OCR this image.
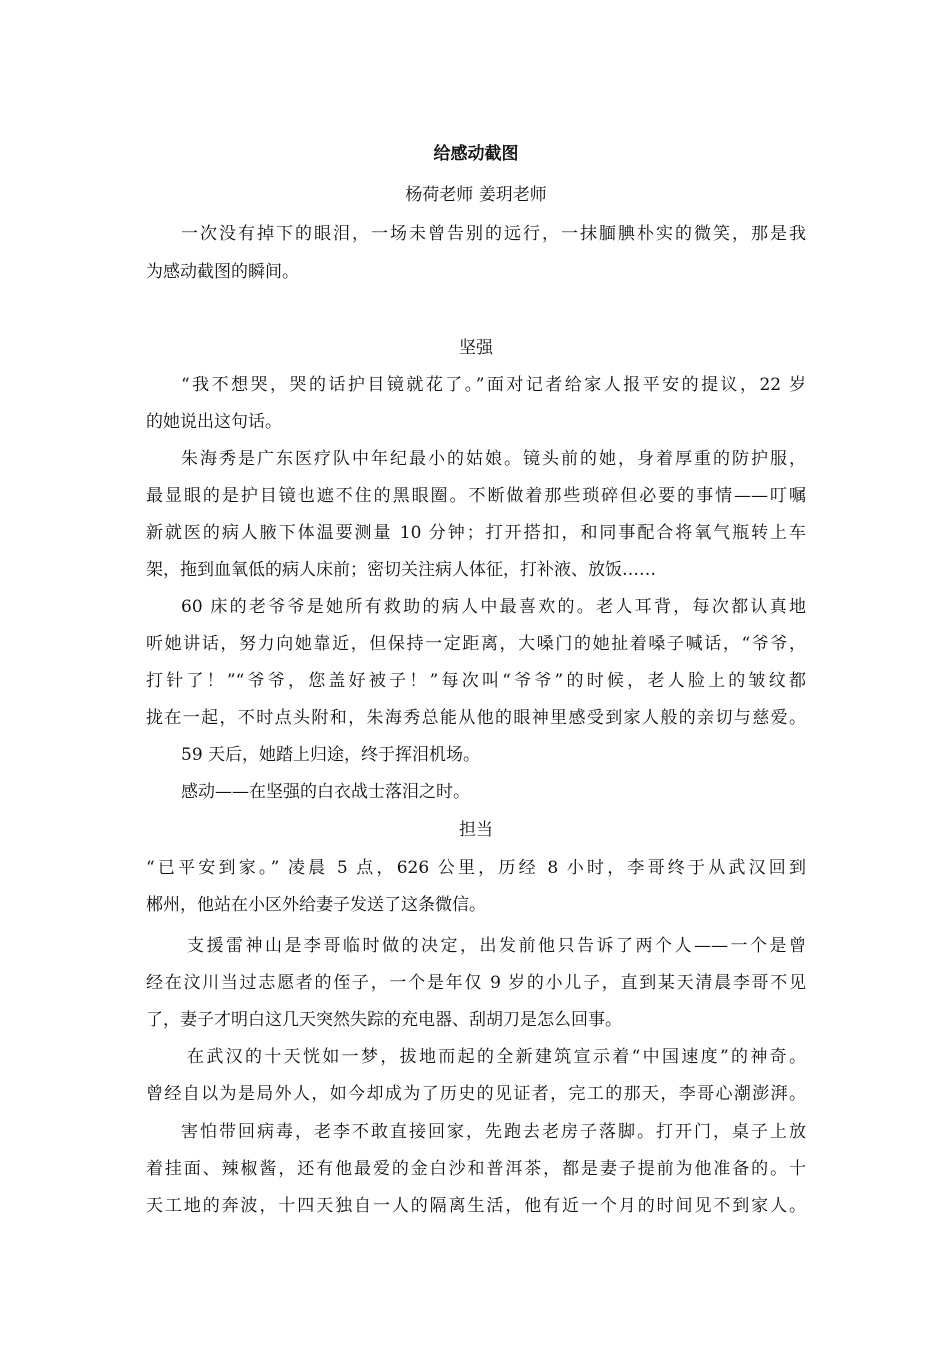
给感动截图
杨荷老师 姜玥老师
一次没有掉下的眼泪，一场未曾告别的远行，一抹腼腆朴实的微笑，那是我
为感动截图的瞬间。
坚强
“我不想哭，哭的话护目镜就花了。”面对记者给家人报平安的提议，22 岁
的她说出这句话。
朱海秀是广东医疗队中年纪最小的姑娘。镜头前的她，身着厚重的防护服，
最显眼的是护目镜也遮不住的黑眼圈。不断做着那些琐碎但必要的事情——叮嘱
新就医的病人腋下体温要测量 10 分钟；打开搭扣，和同事配合将氧气瓶转上车
架，拖到血氧低的病人床前；密切关注病人体征，打补液、放饭……
60 床的老爷爷是她所有救助的病人中最喜欢的。老人耳背，每次都认真地
听她讲话，努力向她靠近，但保持一定距离，大嗓门的她扯着嗓子喊话，“爷爷，
打针了！”“爷爷，您盖好被子！”每次叫“爷爷”的时候，老人脸上的皱纹都
拢在一起，不时点头附和，朱海秀总能从他的眼神里感受到家人般的亲切与慈爱。
59 天后，她踏上归途，终于挥泪机场。
感动——在坚强的白衣战士落泪之时。
担当
“已平安到家。” 凌晨 5 点，626 公里，历经 8 小时，李哥终于从武汉回到
郴州，他站在小区外给妻子发送了这条微信。
支援雷神山是李哥临时做的决定，出发前他只告诉了两个人——一个是曾
经在汶川当过志愿者的侄子，一个是年仅 9 岁的小儿子，直到某天清晨李哥不见
了，妻子才明白这几天突然失踪的充电器、刮胡刀是怎么回事。
在武汉的十天恍如一梦，拔地而起的全新建筑宣示着“中国速度”的神奇。
曾经自以为是局外人，如今却成为了历史的见证者，完工的那天，李哥心潮澎湃。
害怕带回病毒，老李不敢直接回家，先跑去老房子落脚。打开门，桌子上放
着挂面、辣椒酱，还有他最爱的金白沙和普洱茶，都是妻子提前为他准备的。十
天工地的奔波，十四天独自一人的隔离生活，他有近一个月的时间见不到家人。
